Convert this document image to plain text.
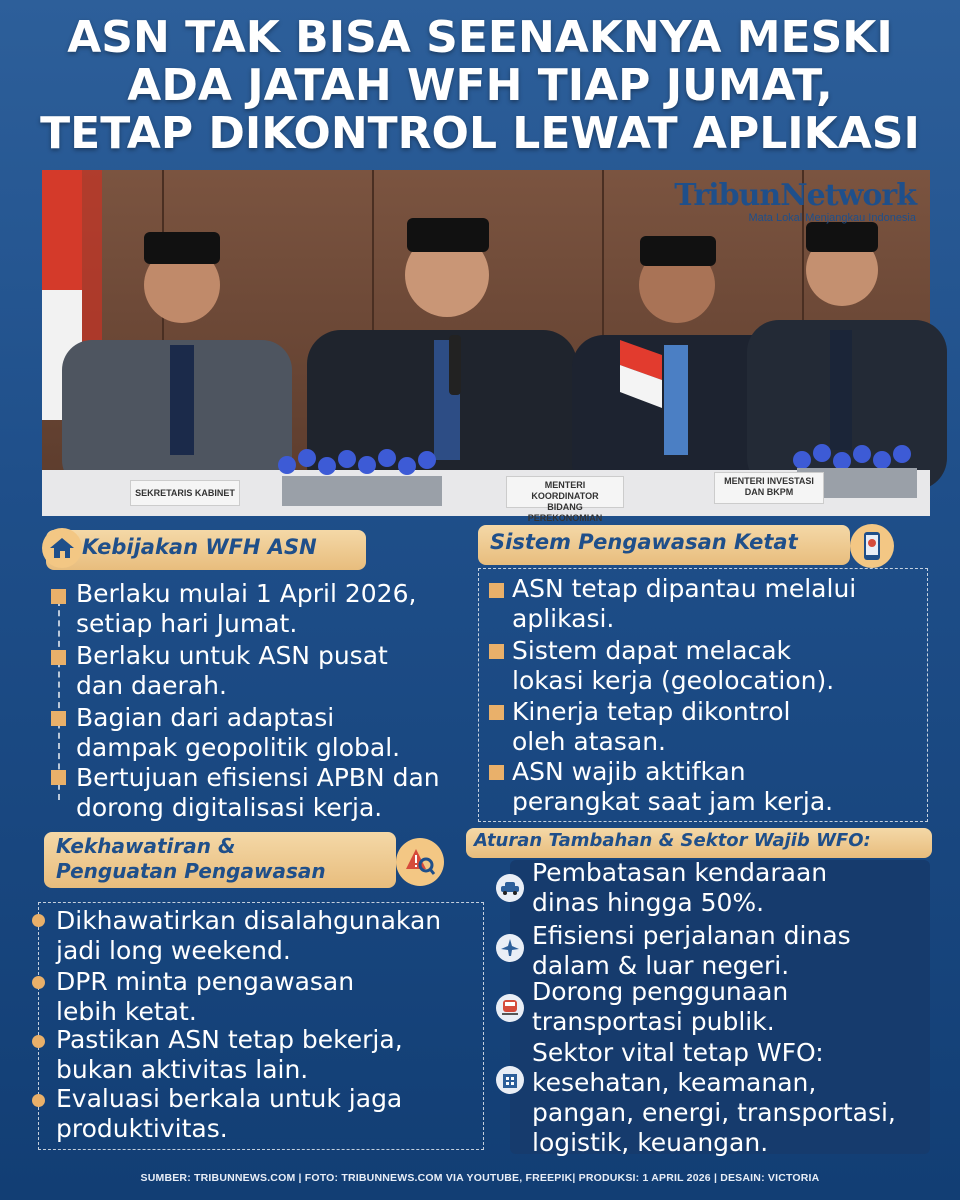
ASN TAK BISA SEENAKNYA MESKI
ADA JATAH WFH TIAP JUMAT,
TETAP DIKONTROL LEWAT APLIKASI
TribunNetwork
Mata Lokal Menjangkau Indonesia
SEKRETARIS KABINET
MENTERI KOORDINATOR
BIDANG PEREKONOMIAN
MENTERI INVESTASI
DAN BKPM
Kebijakan WFH ASN
Berlaku mulai 1 April 2026,
setiap hari Jumat.
Berlaku untuk ASN pusat
dan daerah.
Bagian dari adaptasi
dampak geopolitik global.
Bertujuan efisiensi APBN dan
dorong digitalisasi kerja.
Sistem Pengawasan Ketat
ASN tetap dipantau melalui
aplikasi.
Sistem dapat melacak
lokasi kerja (geolocation).
Kinerja tetap dikontrol
oleh atasan.
ASN wajib aktifkan
perangkat saat jam kerja.
Kekhawatiran &
Penguatan Pengawasan
Dikhawatirkan disalahgunakan
jadi long weekend.
DPR minta pengawasan
lebih ketat.
Pastikan ASN tetap bekerja,
bukan aktivitas lain.
Evaluasi berkala untuk jaga
produktivitas.
Aturan Tambahan & Sektor Wajib WFO:
Pembatasan kendaraan
dinas hingga 50%.
Efisiensi perjalanan dinas
dalam & luar negeri.
Dorong penggunaan
transportasi publik.
Sektor vital tetap WFO:
kesehatan, keamanan,
pangan, energi, transportasi,
logistik, keuangan.
SUMBER: TRIBUNNEWS.COM | FOTO: TRIBUNNEWS.COM VIA YOUTUBE, FREEPIK| PRODUKSI: 1 APRIL 2026 | DESAIN: VICTORIA
